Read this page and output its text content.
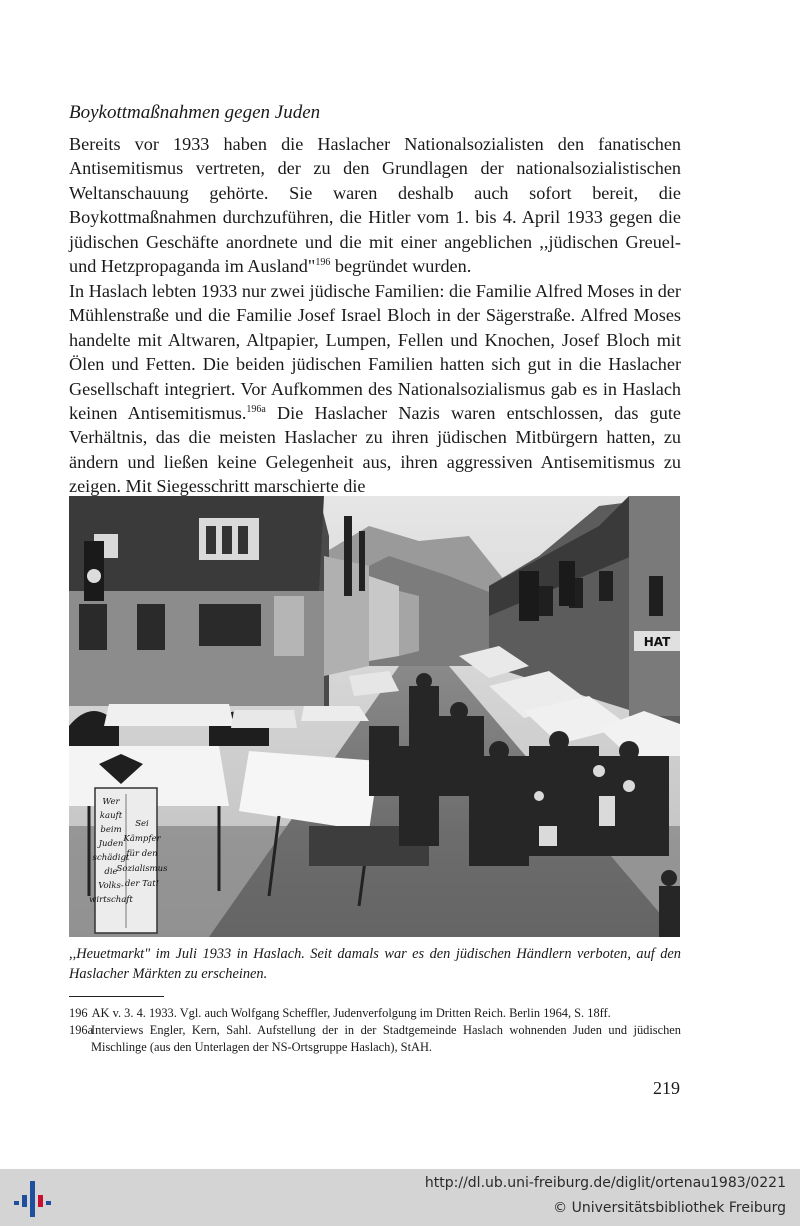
Boykottmaßnahmen gegen Juden

Bereits vor 1933 haben die Haslacher Nationalsozialisten den fanatischen Antisemitismus vertreten, der zu den Grundlagen der nationalsozialistischen Weltanschauung gehörte. Sie waren deshalb auch sofort bereit, die Boykottmaßnahmen durchzuführen, die Hitler vom 1. bis 4. April 1933 gegen die jüdischen Geschäfte anordnete und die mit einer angeblichen ,,jüdischen Greuel- und Hetzpropaganda im Ausland"$^{196}$ begründet wurden.

In Haslach lebten 1933 nur zwei jüdische Familien: die Familie Alfred Moses in der Mühlenstraße und die Familie Josef Israel Bloch in der Sägerstraße. Alfred Moses handelte mit Altwaren, Altpapier, Lumpen, Fellen und Knochen, Josef Bloch mit Ölen und Fetten. Die beiden jüdischen Familien hatten sich gut in die Haslacher Gesellschaft integriert. Vor Aufkommen des Nationalsozialismus gab es in Haslach keinen Antisemitismus.$^{196a}$ Die Haslacher Nazis waren entschlossen, das gute Verhältnis, das die meisten Haslacher zu ihren jüdischen Mitbürgern hatten, zu ändern und ließen keine Gelegenheit aus, ihren aggressiven Antisemitismus zu zeigen. Mit Siegesschritt marschierte die

HAT
Wer
kauft
beim
Juden
schädigt
die
Volks-
wirtschaft
Sei
Kämpfer
für den
Sozialismus
der Tat!

,,Heuetmarkt" im Juli 1933 in Haslach. Seit damals war es den jüdischen Händlern verboten, auf den Haslacher Märkten zu erscheinen.

196 AK v. 3. 4. 1933. Vgl. auch Wolfgang Scheffler, Judenverfolgung im Dritten Reich. Berlin 1964, S. 18ff.

196a
Interviews Engler, Kern, Sahl. Aufstellung der in der Stadtgemeinde Haslach wohnenden Juden und jüdischen Mischlinge (aus den Unterlagen der NS-Ortsgruppe Haslach), StAH.

219
http://dl.ub.uni-freiburg.de/diglit/ortenau1983/0221
© Universitätsbibliothek Freiburg
